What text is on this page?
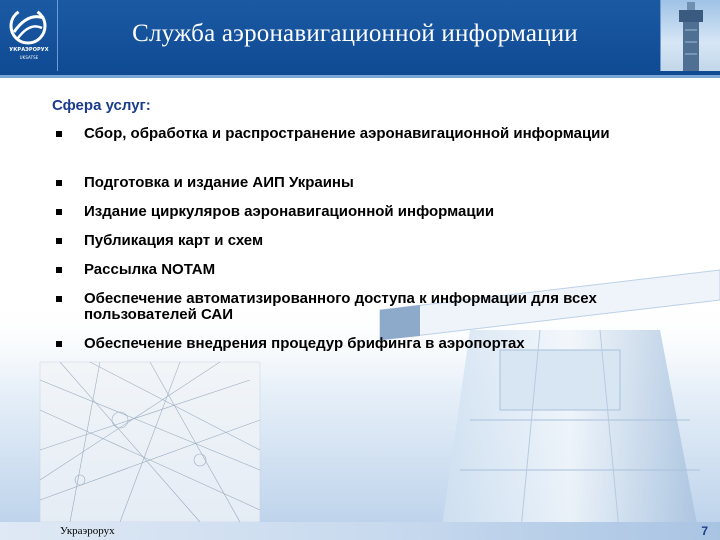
УКРАЭРОРУХ
UKSATSE
Служба аэронавигационной информации
Сфера услуг:
Сбор, обработка и распространение аэронавигационной информации
Подготовка и издание АИП Украины
Издание циркуляров аэронавигационной информации
Публикация карт и схем
Рассылка NOTAM
Обеспечение автоматизированного доступа к информации для всех пользователей САИ
Обеспечение внедрения процедур брифинга в аэропортах
Украэрорух	7
